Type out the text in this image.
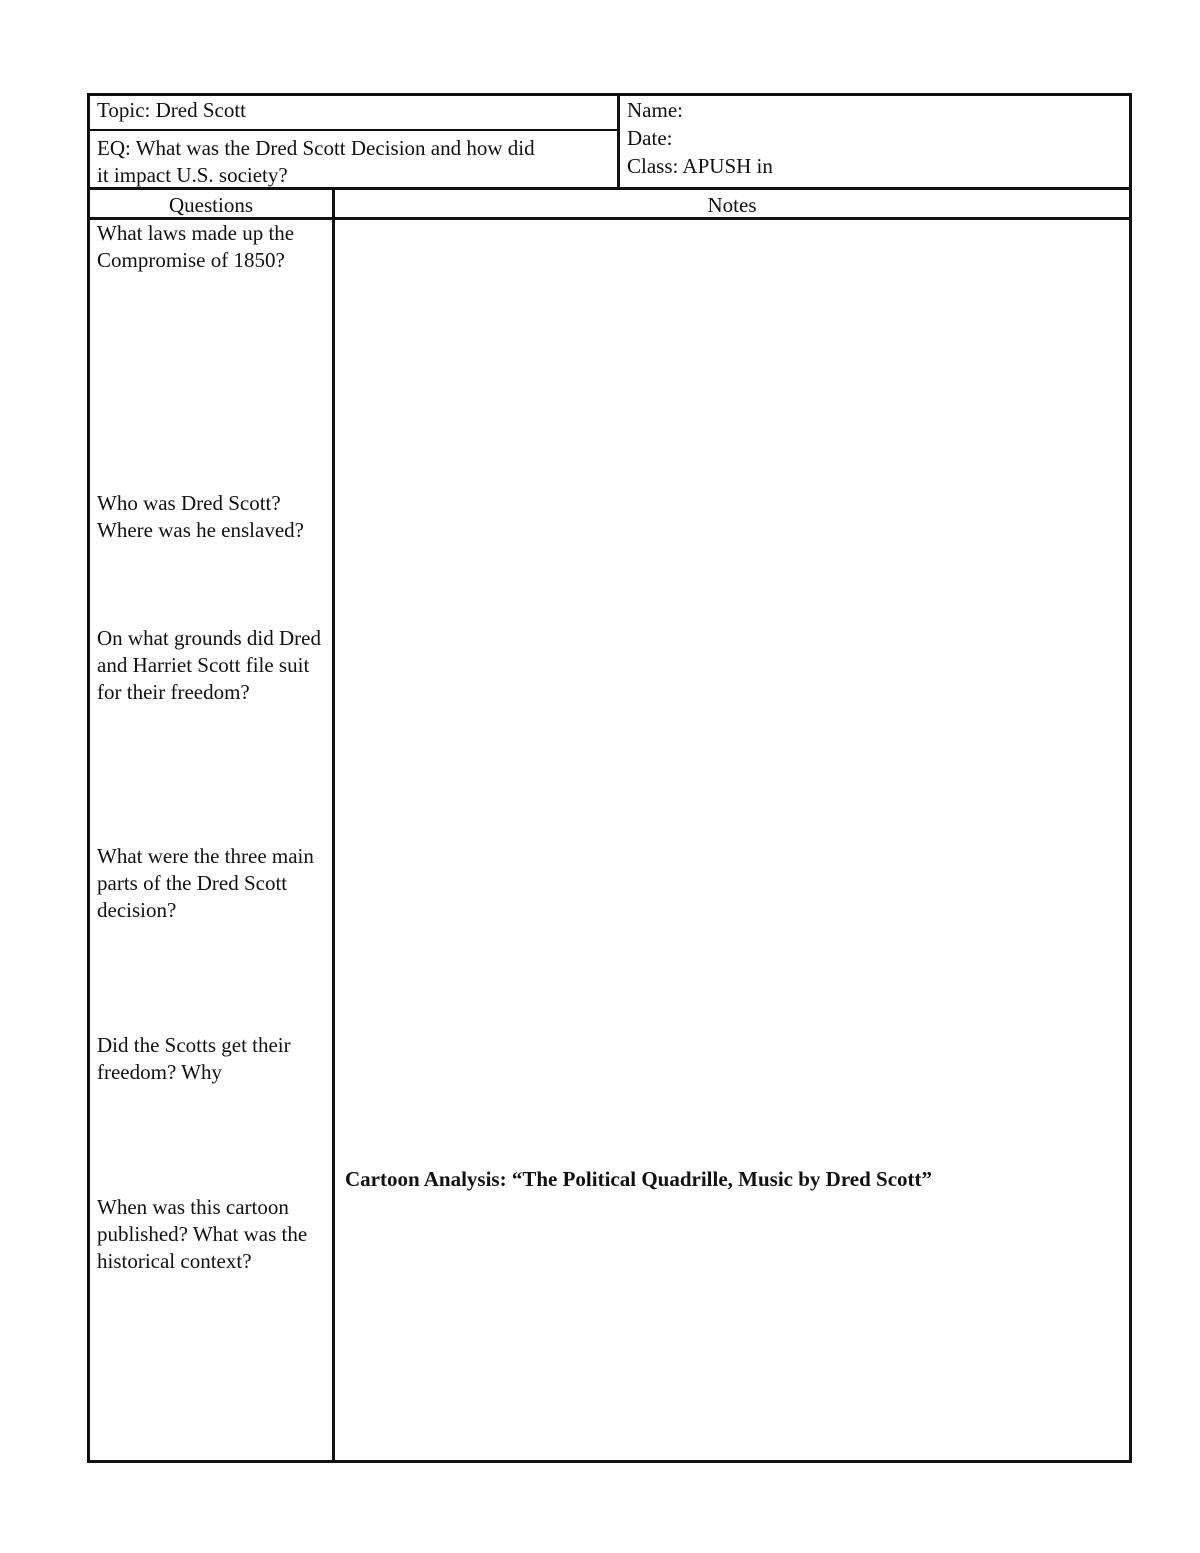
Topic: Dred Scott
EQ: What was the Dred Scott Decision and how did
it impact U.S. society?
Name:
Date:
Class: APUSH in
Questions	Notes
What laws made up the Compromise of 1850?
Who was Dred Scott? Where was he enslaved?
On what grounds did Dred and Harriet Scott file suit for their freedom?
What were the three main parts of the Dred Scott decision?
Did the Scotts get their freedom? Why
When was this cartoon published? What was the historical context?
Cartoon Analysis: “The Political Quadrille, Music by Dred Scott”
